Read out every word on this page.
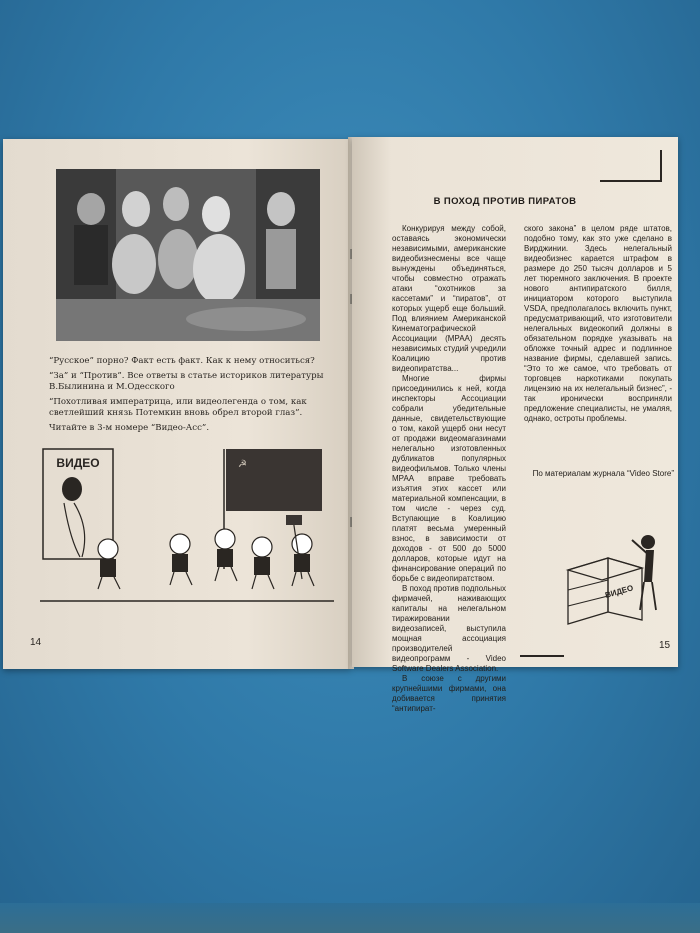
“Русское” порно? Факт есть факт. Как к нему относиться?
“За” и “Против”. Все ответы в статье историков литературы В.Былинина и М.Одесского
“Похотливая императрица, или видеолегенда о том, как светлейший князь Потемкин вновь обрел второй глаз”.
Читайте в 3-м номере “Видео-Асс”.
ВИДЕО	☭
14
В ПОХОД ПРОТИВ ПИРАТОВ

Конкурируя между собой, оставаясь экономически независимыми, американские видеобизнесмены все чаще вынуждены объединяться, чтобы совместно отражать атаки “охотников за кассетами” и “пиратов”, от которых ущерб еще больший. Под влиянием Американской Кинематографической Ассоциации (МРАА) десять независимых студий учредили Коалицию против видеопиратства...

Многие фирмы присоединились к ней, когда инспекторы Ассоциации собрали убедительные данные, свидетельствующие о том, какой ущерб они несут от продажи видеомагазинами нелегально изготовленных дубликатов популярных видеофильмов. Только члены МРАА вправе требовать изъятия этих кассет или материальной компенсации, в том числе - через суд. Вступающие в Коалицию платят весьма умеренный взнос, в зависимости от доходов - от 500 до 5000 долларов, которые идут на финансирование операций по борьбе с видеопиратством.

В поход против подпольных фирмачей, наживающих капиталы на нелегальном тиражировании видеозаписей, выступила мощная ассоциация производителей видеопрограмм - Video Software Dealers Association.

В союзе с другими крупнейшими фирмами, она добивается принятия “антипират-

ского закона” в целом ряде штатов, подобно тому, как это уже сделано в Вирджинии. Здесь нелегальный видеобизнес карается штрафом в размере до 250 тысяч долларов и 5 лет тюремного заключения. В проекте нового антипиратского билля, инициатором которого выступила VSDA, предполагалось включить пункт, предусматривающий, что изготовители нелегальных видеокопий должны в обязательном порядке указывать на обложке точный адрес и подлинное название фирмы, сделавшей запись. “Это то же самое, что требовать от торговцев наркотиками покупать лицензию на их нелегальный бизнес”, - так иронически восприняли предложение специалисты, не умаляя, однако, остроты проблемы.

По материалам журнала “Video Store”
ВИДЕО
15
